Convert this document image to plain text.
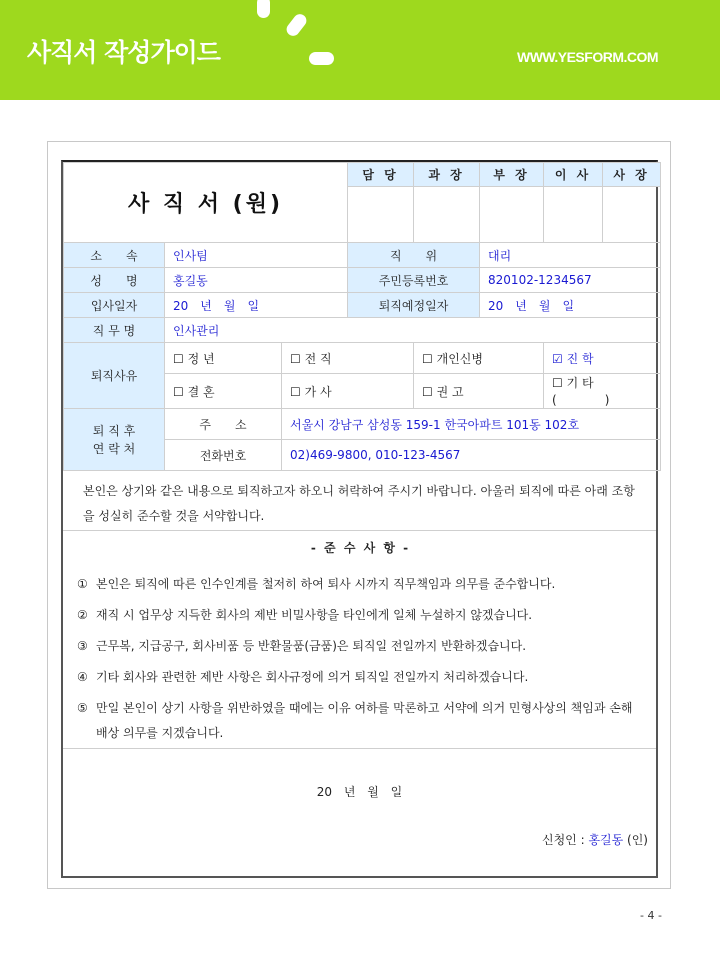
사직서 작성가이드	WWW.YESFORM.COM
사 직 서 (원)			담 당	과 장	부 장	이 사	사 장

소　　속	인사팀		직　　위		대리		
성　　명	홍길동		주민등록번호		820102-1234567		
입사일자	20　년　월　일		퇴직예정일자		20　년　월　일		
직 무 명	인사관리						
퇴직사유	☐ 정 년	☐ 전 직		☐ 개인신병		☑ 진 학	
	☐ 결 혼	☐ 가 사		☐ 권 고		☐ 기 타 (　　　　)	

퇴 직 후
연 락 처	주　　소	서울시 강남구 삼성동 159-1 한국아파트 101동 102호					
	전화번호	02)469-9800, 010-123-4567					
본인은 상기와 같은 내용으로 퇴직하고자 하오니 허락하여 주시기 바랍니다. 아울러 퇴직에 따른 아래 조항을 성실히 준수할 것을 서약합니다.
- 준 수 사 항 -
① 본인은 퇴직에 따른 인수인계를 철저히 하여 퇴사 시까지 직무책임과 의무를 준수합니다.
② 재직 시 업무상 지득한 회사의 제반 비밀사항을 타인에게 일체 누설하지 않겠습니다.
③ 근무복, 지급공구, 회사비품 등 반환물품(금품)은 퇴직일 전일까지 반환하겠습니다.
④ 기타 회사와 관련한 제반 사항은 회사규정에 의거 퇴직일 전일까지 처리하겠습니다.
⑤ 만일 본인이 상기 사항을 위반하였을 때에는 이유 여하를 막론하고 서약에 의거 민형사상의 책임과 손해배상 의무를 지겠습니다.
20 년 월 일
신청인 : 홍길동 (인)
- 4 -
